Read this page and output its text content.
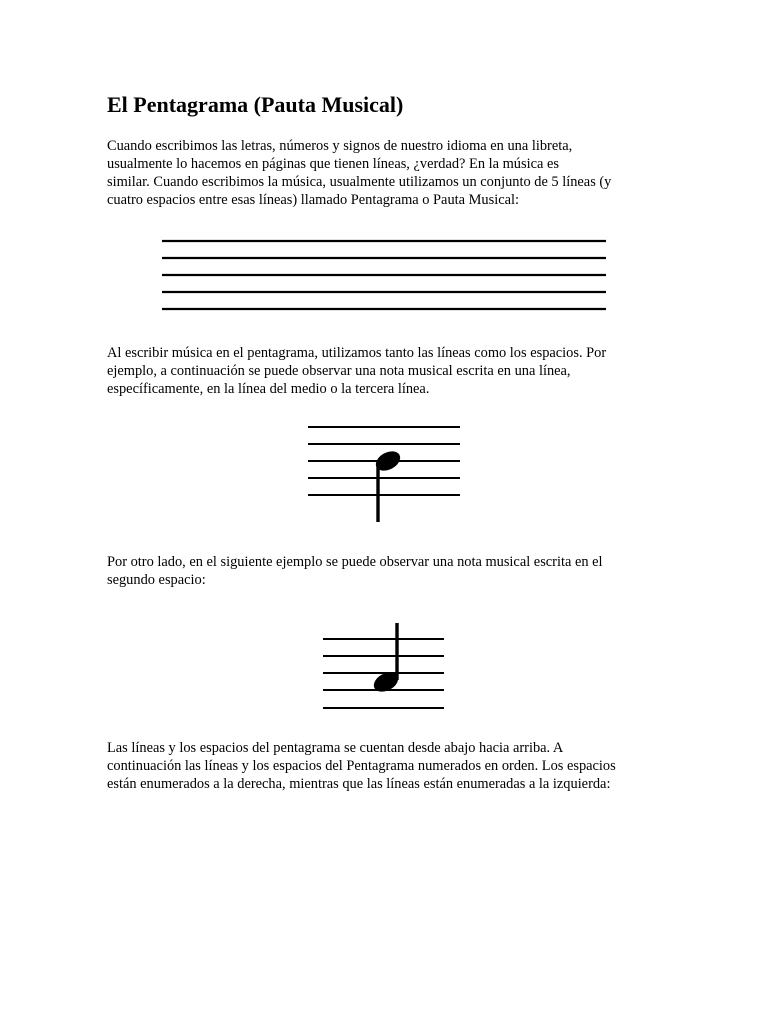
El Pentagrama (Pauta Musical)

Cuando escribimos las letras, números y signos de nuestro idioma en una libreta,
usualmente lo hacemos en páginas que tienen líneas, ¿verdad? En la música es
similar. Cuando escribimos la música, usualmente utilizamos un conjunto de 5 líneas (y
cuatro espacios entre esas líneas) llamado Pentagrama o Pauta Musical:

Al escribir música en el pentagrama, utilizamos tanto las líneas como los espacios. Por
ejemplo, a continuación se puede observar una nota musical escrita en una línea,
específicamente, en la línea del medio o la tercera línea.

Por otro lado, en el siguiente ejemplo se puede observar una nota musical escrita en el
segundo espacio:

Las líneas y los espacios del pentagrama se cuentan desde abajo hacia arriba. A
continuación las líneas y los espacios del Pentagrama numerados en orden. Los espacios
están enumerados a la derecha, mientras que las líneas están enumeradas a la izquierda:
